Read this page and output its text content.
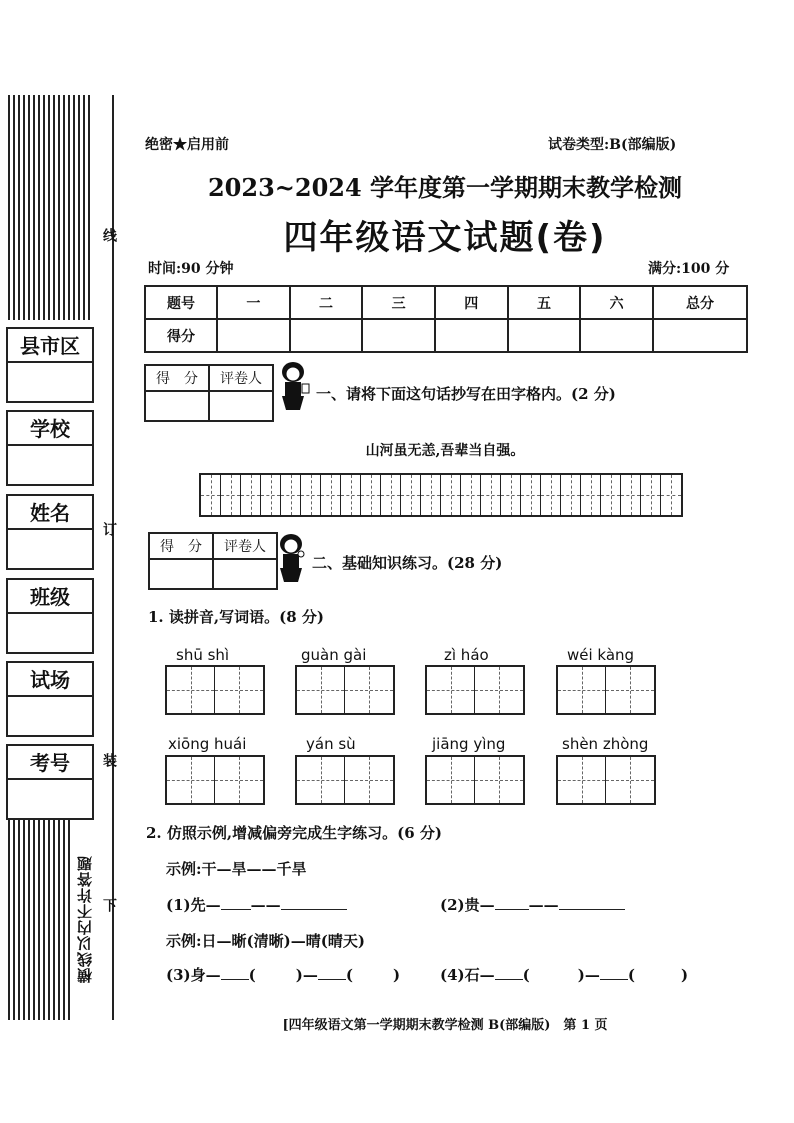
线
订
装
下
横线以内不许答题
县市区
学校
姓名
班级
试场
考号
绝密★启用前	试卷类型:B(部编版)
2023~2024 学年度第一学期期末教学检测
四年级语文试题(卷)
时间:90 分钟	满分:100 分
题号	一	二	三	四	五	六	总分
得分							
得　分	评卷人

一、请将下面这句话抄写在田字格内。(2 分)
山河虽无恙,吾辈当自强。
得　分	评卷人

二、基础知识练习。(28 分)
1. 读拼音,写词语。(8 分)
shū shì	guàn gài	zì háo	wéi kàng
xiōng huái	yán sù	jiāng yìng	shèn zhòng
2. 仿照示例,增减偏旁完成生字练习。(6 分)
示例:干—旱——千旱
(1)先— ——	(2)贵— ——
示例:日—晰(清晰)—晴(晴天)
(3)身— (	)— (	)	(4)石— (	)— (	)
[四年级语文第一学期期末教学检测 B(部编版)　第 1 页
